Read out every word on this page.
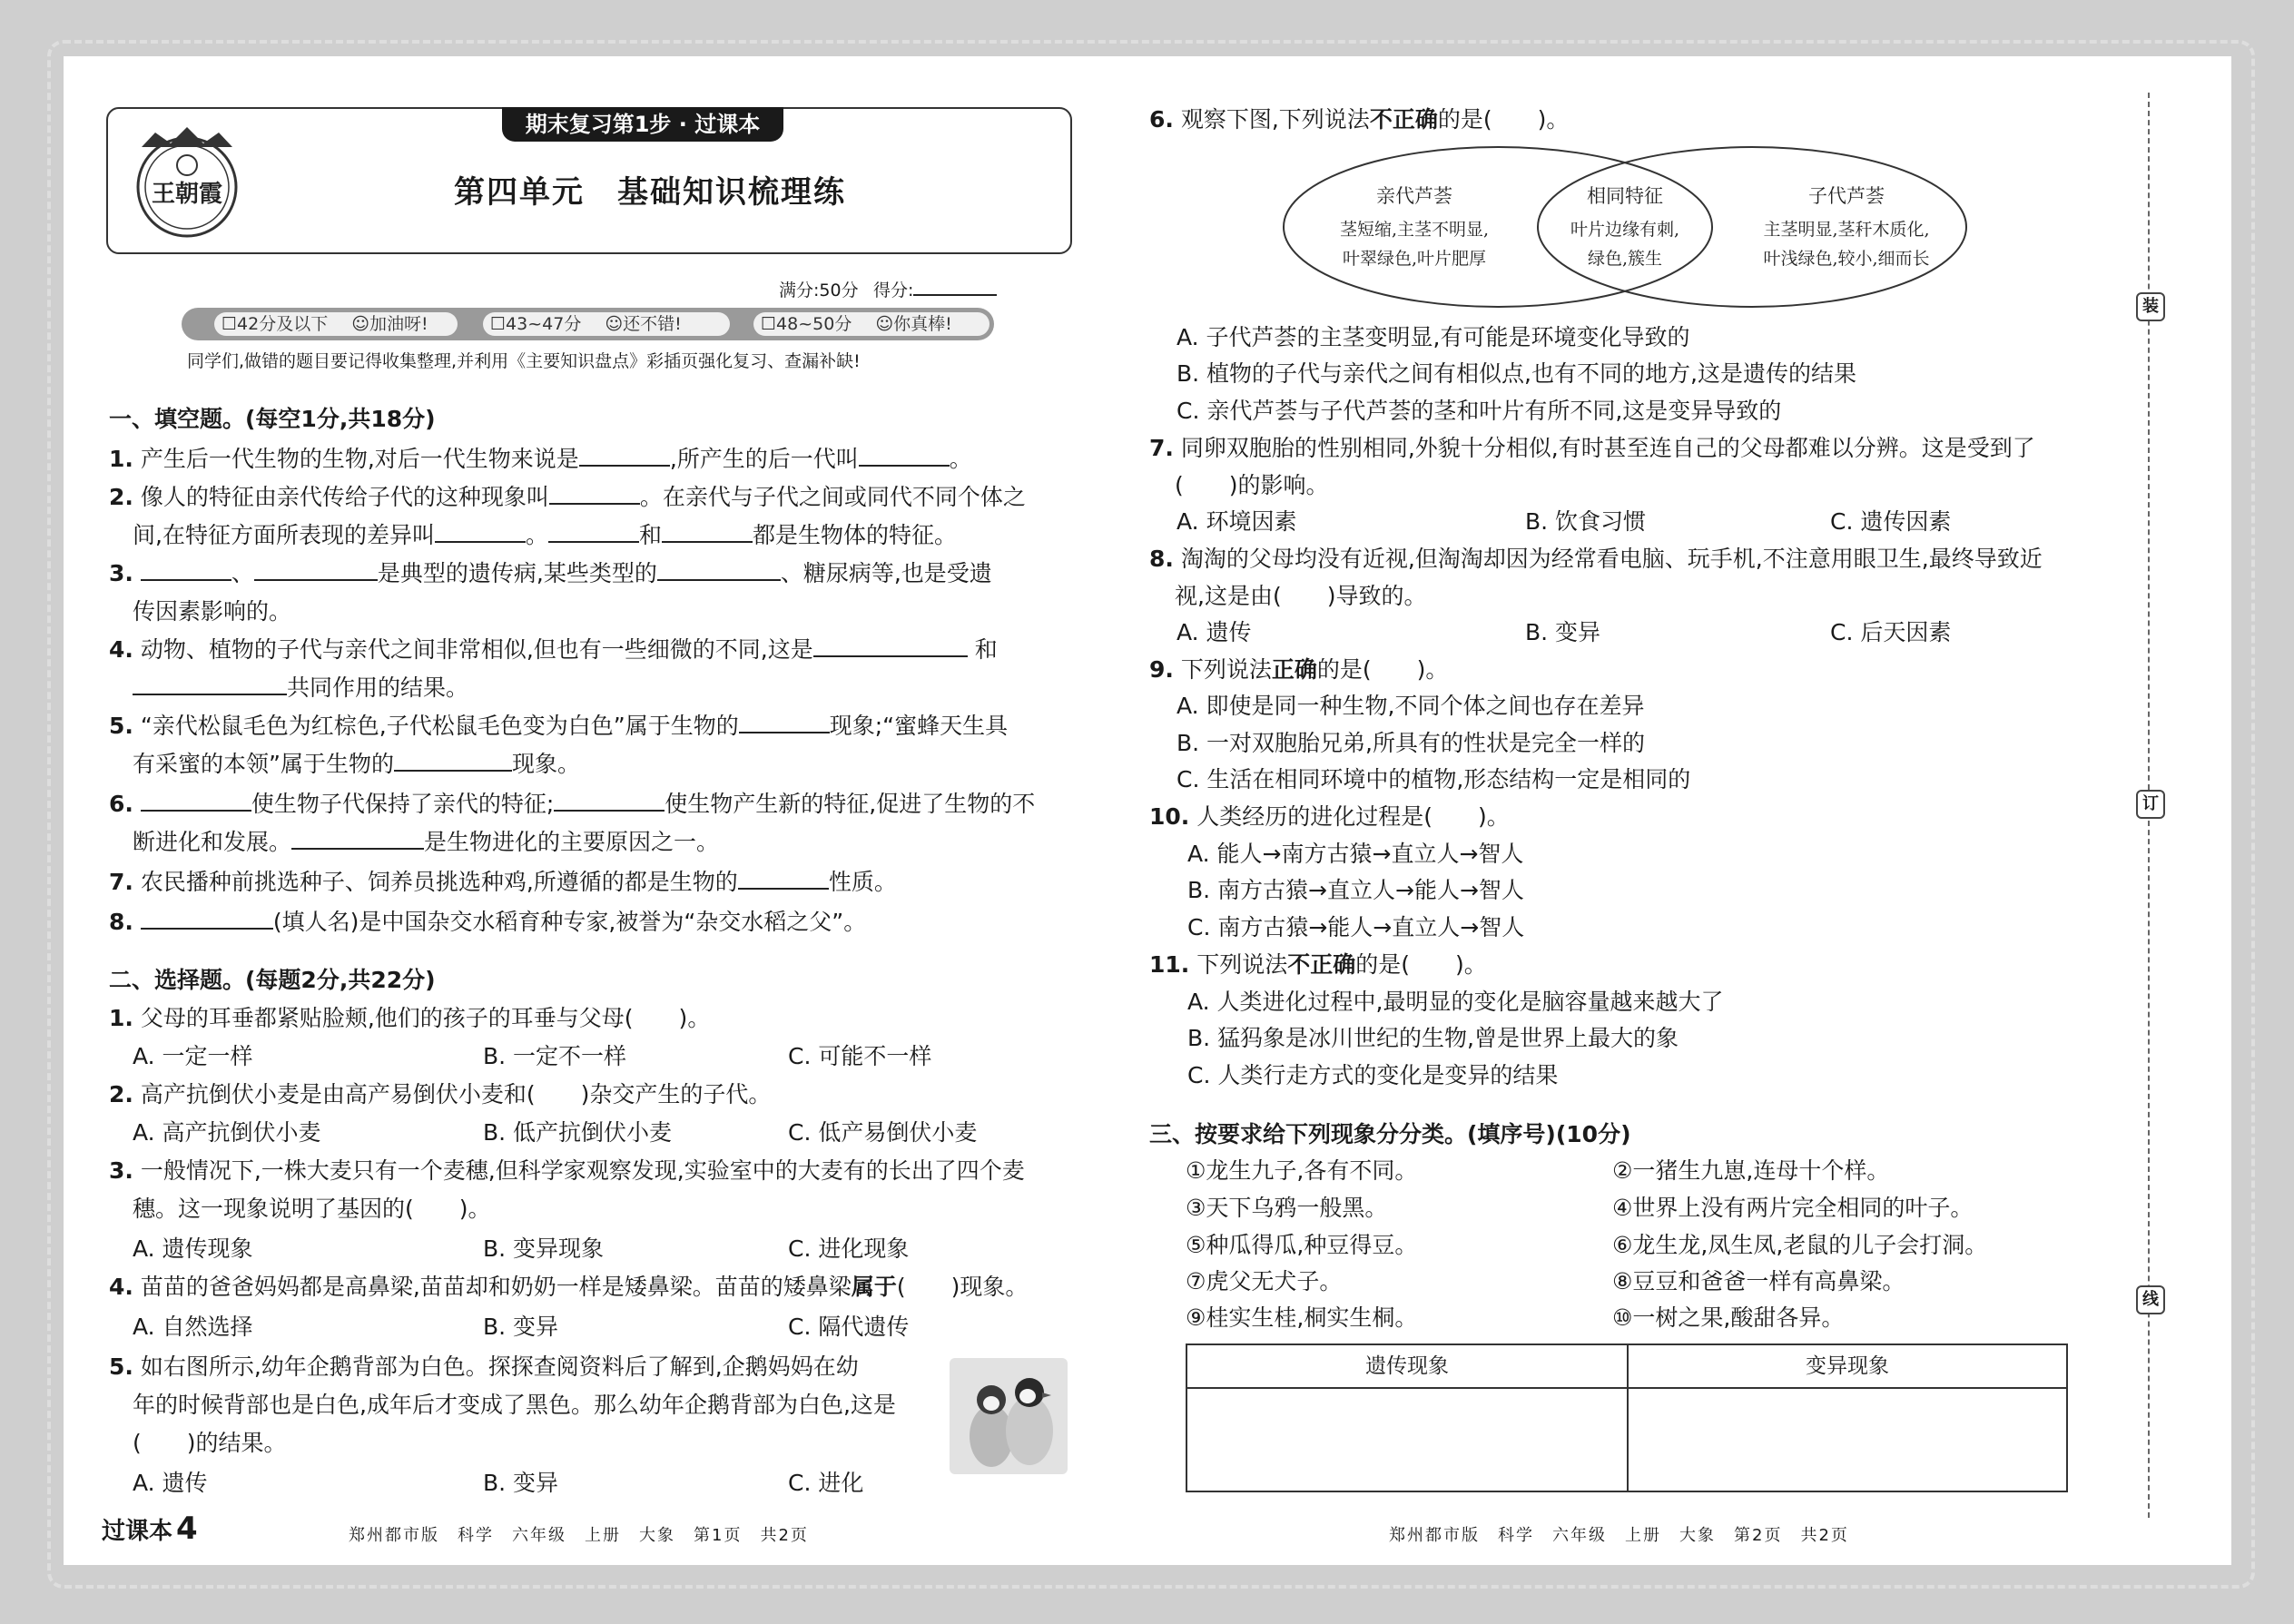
王朝霞
期末复习第1步 · 过课本
第四单元　基础知识梳理练
满分:50分 得分:
☐42分及以下 ☺加油呀!	☐43~47分 ☺还不错!	☐48~50分 ☺你真棒!
同学们,做错的题目要记得收集整理,并利用《主要知识盘点》彩插页强化复习、查漏补缺!
一、填空题。(每空1分,共18分)
1. 产生后一代生物的生物,对后一代生物来说是	,所产生的后一代叫	。
2. 像人的特征由亲代传给子代的这种现象叫	。在亲代与子代之间或同代不同个体之
间,在特征方面所表现的差异叫	。	和	都是生物体的特征。
3.	、	是典型的遗传病,某些类型的	、糖尿病等,也是受遗
传因素影响的。
4. 动物、植物的子代与亲代之间非常相似,但也有一些细微的不同,这是	和
共同作用的结果。
5. “亲代松鼠毛色为红棕色,子代松鼠毛色变为白色”属于生物的	现象;“蜜蜂天生具
有采蜜的本领”属于生物的	现象。
6.	使生物子代保持了亲代的特征;	使生物产生新的特征,促进了生物的不
断进化和发展。	是生物进化的主要原因之一。
7. 农民播种前挑选种子、饲养员挑选种鸡,所遵循的都是生物的	性质。
8.	(填人名)是中国杂交水稻育种专家,被誉为“杂交水稻之父”。
二、选择题。(每题2分,共22分)
1. 父母的耳垂都紧贴脸颊,他们的孩子的耳垂与父母(　　)。
A. 一定一样	B. 一定不一样	C. 可能不一样
2. 高产抗倒伏小麦是由高产易倒伏小麦和(　　)杂交产生的子代。
A. 高产抗倒伏小麦	B. 低产抗倒伏小麦	C. 低产易倒伏小麦
3. 一般情况下,一株大麦只有一个麦穗,但科学家观察发现,实验室中的大麦有的长出了四个麦
穗。这一现象说明了基因的(　　)。
A. 遗传现象	B. 变异现象	C. 进化现象
4. 苗苗的爸爸妈妈都是高鼻梁,苗苗却和奶奶一样是矮鼻梁。苗苗的矮鼻梁属于(　　)现象。
A. 自然选择	B. 变异	C. 隔代遗传
5. 如右图所示,幼年企鹅背部为白色。探探查阅资料后了解到,企鹅妈妈在幼
年的时候背部也是白色,成年后才变成了黑色。那么幼年企鹅背部为白色,这是
(　　)的结果。
A. 遗传	B. 变异	C. 进化
6. 观察下图,下列说法不正确的是(　　)。
亲代芦荟
茎短缩,主茎不明显,
叶翠绿色,叶片肥厚
相同特征
叶片边缘有刺,
绿色,簇生
子代芦荟
主茎明显,茎秆木质化,
叶浅绿色,较小,细而长
A. 子代芦荟的主茎变明显,有可能是环境变化导致的
B. 植物的子代与亲代之间有相似点,也有不同的地方,这是遗传的结果
C. 亲代芦荟与子代芦荟的茎和叶片有所不同,这是变异导致的
7. 同卵双胞胎的性别相同,外貌十分相似,有时甚至连自己的父母都难以分辨。这是受到了
(　　)的影响。
A. 环境因素	B. 饮食习惯	C. 遗传因素
8. 淘淘的父母均没有近视,但淘淘却因为经常看电脑、玩手机,不注意用眼卫生,最终导致近
视,这是由(　　)导致的。
A. 遗传	B. 变异	C. 后天因素
9. 下列说法正确的是(　　)。
A. 即使是同一种生物,不同个体之间也存在差异
B. 一对双胞胎兄弟,所具有的性状是完全一样的
C. 生活在相同环境中的植物,形态结构一定是相同的
10. 人类经历的进化过程是(　　)。
A. 能人→南方古猿→直立人→智人
B. 南方古猿→直立人→能人→智人
C. 南方古猿→能人→直立人→智人
11. 下列说法不正确的是(　　)。
A. 人类进化过程中,最明显的变化是脑容量越来越大了
B. 猛犸象是冰川世纪的生物,曾是世界上最大的象
C. 人类行走方式的变化是变异的结果
三、按要求给下列现象分分类。(填序号)(10分)
①龙生九子,各有不同。	②一猪生九崽,连母十个样。
③天下乌鸦一般黑。	④世界上没有两片完全相同的叶子。
⑤种瓜得瓜,种豆得豆。	⑥龙生龙,凤生凤,老鼠的儿子会打洞。
⑦虎父无犬子。	⑧豆豆和爸爸一样有高鼻梁。
⑨桂实生桂,桐实生桐。	⑩一树之果,酸甜各异。
遗传现象	变异现象
装
订
线
过课本 4	郑州都市版　科学　六年级　上册　大象　第1页　共2页	郑州都市版　科学　六年级　上册　大象　第2页　共2页
